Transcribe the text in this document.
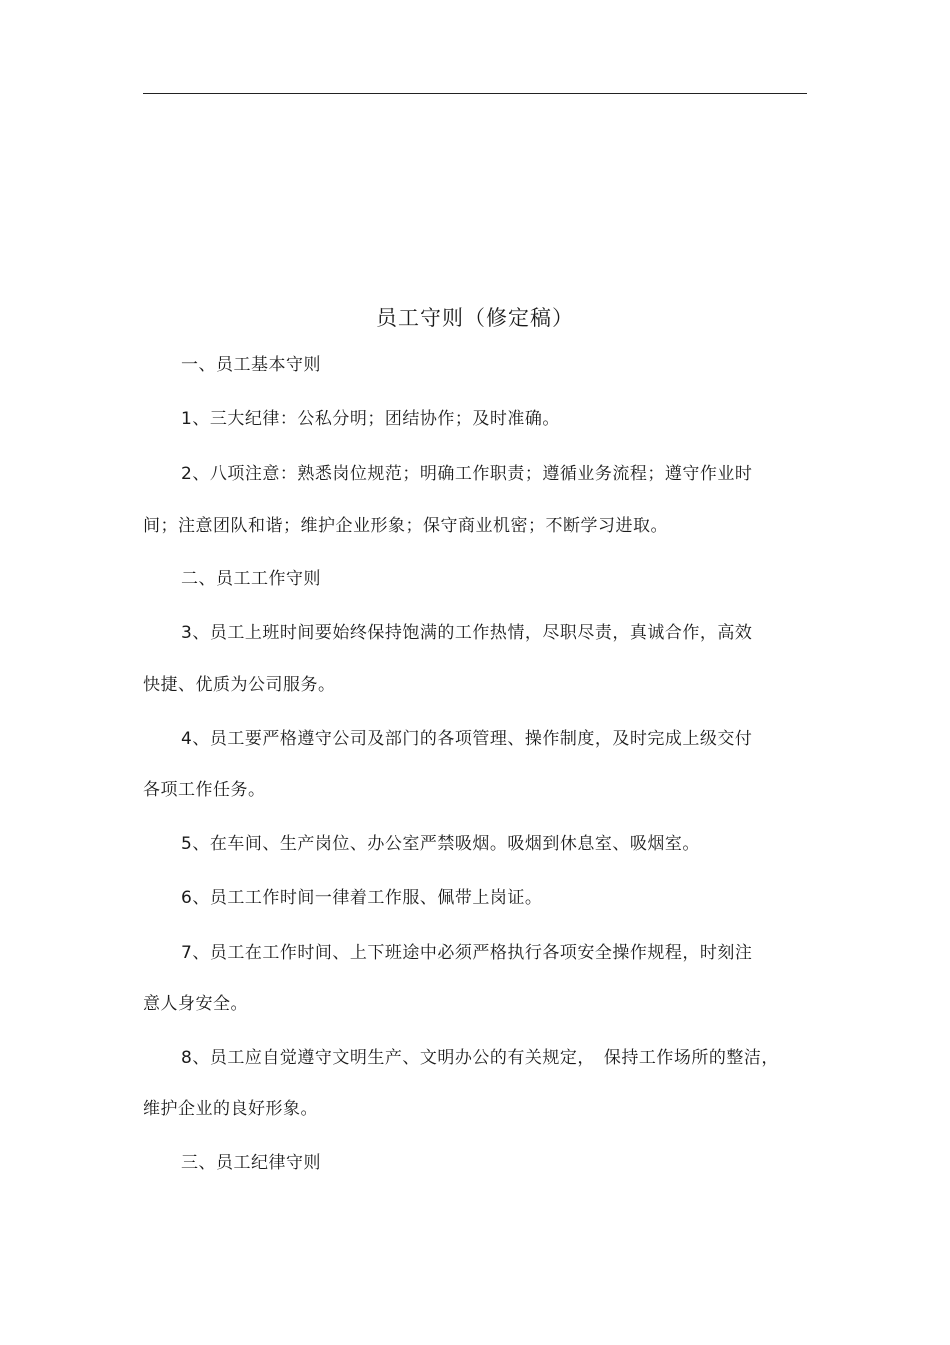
员工守则（修定稿）
一、员工基本守则
1、三大纪律：公私分明；团结协作；及时准确。
2、八项注意：熟悉岗位规范；明确工作职责；遵循业务流程；遵守作业时
间；注意团队和谐；维护企业形象；保守商业机密；不断学习进取。
二、员工工作守则
3、员工上班时间要始终保持饱满的工作热情，尽职尽责，真诚合作，高效
快捷、优质为公司服务。
4、员工要严格遵守公司及部门的各项管理、操作制度，及时完成上级交付
各项工作任务。
5、在车间、生产岗位、办公室严禁吸烟。吸烟到休息室、吸烟室。
6、员工工作时间一律着工作服、佩带上岗证。
7、员工在工作时间、上下班途中必须严格执行各项安全操作规程，时刻注
意人身安全。
8、员工应自觉遵守文明生产、文明办公的有关规定，　保持工作场所的整洁，
维护企业的良好形象。
三、员工纪律守则
